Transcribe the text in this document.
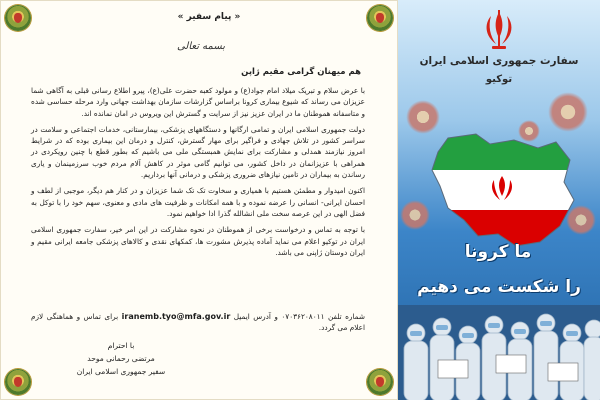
« پیام سفیر »
بسمه تعالی
هم میهنان گرامی مقیم ژاپن

با عرض سلام و تبریک میلاد امام جواد(ع) و مولود کعبه حضرت علی(ع)، پیرو اطلاع رسانی قبلی به آگاهی شما عزیزان می رساند که شیوع بیماری کرونا براساس گزارشات سازمان بهداشت جهانی وارد مرحله حساسی شده و متاسفانه هموطنان ما در ایران عزیز نیز از سرایت و گسترش این ویروس در امان نمانده اند.

دولت جمهوری اسلامی ایران و تمامی ارگانها و دستگاههای پزشکی، بیمارستانی، خدمات اجتماعی و سلامت در سراسر کشور در تلاش جهادی و فراگیر برای مهار گسترش، کنترل و درمان این بیماری بوده که در شرایط امروز نیازمند همدلی و مشارکت برای نمایش همبستگی ملی می باشیم که بطور قطع با چنین رویکردی در همراهی با عزیزانمان در داخل کشور، می توانیم گامی موثر در کاهش آلام مردم خوب سرزمینمان و یاری رساندن به بیماران در تامین نیازهای ضروری پزشکی و درمانی آنها برداریم.

اکنون امیدوار و مطمئن هستیم با همیاری و سخاوت تک تک شما عزیزان و در کنار هم دیگر، موجبی از لطف و احسان ایرانی- انسانی را عرضه نموده و با همه امکانات و ظرفیت های مادی و معنوی، سهم خود را با توکل به فضل الهی در این عرصه سخت ملی انشالله گذرا ادا خواهیم نمود.

با توجه به تماس و درخواست برخی از هموطنان در نحوه مشارکت در این امر خیر، سفارت جمهوری اسلامی ایران در توکیو اعلام می نماید آماده پذیرش مشورت ها، کمکهای نقدی و کالاهای پزشکی جامعه ایرانی مقیم و ایران دوستان ژاپنی می باشد.

شماره تلفن ۰۷۰۳۶۲۰۸۰۱۱ و آدرس ایمیل iranemb.tyo@mfa.gov.ir برای تماس و هماهنگی لازم اعلام می گردد.
با احترام
مرتضی رحمانی موحد
سفیر جمهوری اسلامی ایران
سفارت جمهوری اسلامی ایران
توکیو
ما کرونا
را شکست می دهیم
